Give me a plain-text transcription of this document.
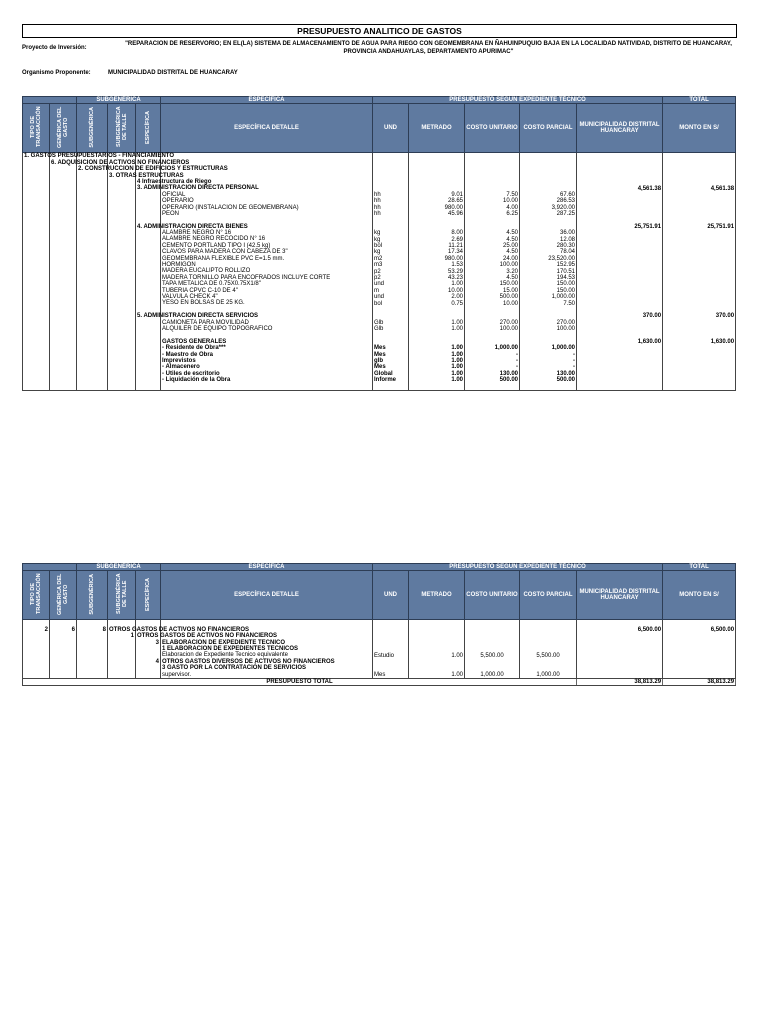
PRESUPUESTO ANALITICO DE GASTOS
Proyecto de Inversión:
"REPARACION DE RESERVORIO; EN EL(LA) SISTEMA DE ALMACENAMIENTO DE AGUA PARA RIEGO CON GEOMEMBRANA EN ÑAHUINPUQUIO BAJA EN LA LOCALIDAD NATIVIDAD, DISTRITO DE HUANCARAY, PROVINCIA ANDAHUAYLAS, DEPARTAMENTO APURIMAC"
Organismo Proponente:	MUNICIPALIDAD DISTRITAL DE HUANCARAY
		SUBGENÉRICA			ESPECÍFICA	PRESUPUESTO SEGÚN EXPEDIENTE TÉCNICO					TOTAL
TIPO DE TRANSACCIÓN	GENÉRICA DEL GASTO	SUBGENÉRICA	SUBGENÉRICA DE TALLE	ESPECÍFICA	ESPECÍFICA DETALLE	UND	METRADO	COSTO UNITARIO	COSTO PARCIAL	MUNICIPALIDAD DISTRITAL HUANCARAY	MONTO EN S/

1. GASTOS PRESUPUESTARIOS - FINANCIAMIENTO											

	6. ADQUISICION DE ACTIVOS NO FINANCIEROS										

		2. CONSTRUCCION DE EDIFICIOS Y ESTRUCTURAS									

			3. OTRAS ESTRUCTURAS								

				4 Infraestructura de Riego							

				3. ADMINISTRACION DIRECTA PERSONAL						4,561.38	4,561.38

					OFICIAL	hh	9.01	7.50	67.60		

					OPERARIO	hh	28.65	10.00	286.53		

					OPERARIO (INSTALACION DE GEOMEMBRANA)	hh	980.00	4.00	3,920.00		

					PEON	hh	45.96	6.25	287.25		

				4. ADMINISTRACION DIRECTA BIENES						25,751.91	25,751.91

					ALAMBRE NEGRO N° 16	kg	8.00	4.50	36.00		

					ALAMBRE NEGRO RECOCIDO N° 16	kg	2.69	4.50	12.08		

					CEMENTO PORTLAND TIPO I (42.5 kg)	bol	11.21	25.00	280.30		

					CLAVOS PARA MADERA CON CABEZA DE 3"	kg	17.34	4.50	78.04		

					GEOMEMBRANA FLEXIBLE PVC E=1.5 mm.	m2	980.00	24.00	23,520.00		

					HORMIGON	m3	1.53	100.00	152.95		

					MADERA EUCALIPTO ROLLIZO	p2	53.29	3.20	170.51		

					MADERA TORNILLO PARA ENCOFRADOS INCLUYE CORTE	p2	43.23	4.50	194.53		

					TAPA METALICA DE 0.75X0.75X1/8"	und	1.00	150.00	150.00		

					TUBERIA CPVC C-10 DE 4"	m	10.00	15.00	150.00		

					VALVULA CHECK 4"	und	2.00	500.00	1,000.00		

					YESO EN BOLSAS DE 25 KG.	bol	0.75	10.00	7.50		

				5. ADMINISTRACION DIRECTA SERVICIOS						370.00	370.00

					CAMIONETA PARA MOVILIDAD	Glb	1.00	270.00	270.00		

					ALQUILER DE EQUIPO TOPOGRAFICO	Glb	1.00	100.00	100.00		

					GASTOS GENERALES					1,630.00	1,630.00

					- Residente de Obra***	Mes	1.00	1,000.00	1,000.00		

					- Maestro de Obra	Mes	1.00	-	-		

					Imprevistos	glb	1.00	-	-		

					- Almacenero	Mes	1.00	-	-		

					- Utiles de escritorio	Global	1.00	130.00	130.00		

					- Liquidación de la Obra	Informe	1.00	500.00	500.00		

		SUBGENÉRICA			ESPECÍFICA	PRESUPUESTO SEGÚN EXPEDIENTE TÉCNICO					TOTAL
TIPO DE TRANSACCIÓN	GENÉRICA DEL GASTO	SUBGENÉRICA	SUBGENÉRICA DE TALLE	ESPECÍFICA	ESPECÍFICA DETALLE	UND	METRADO	COSTO UNITARIO	COSTO PARCIAL	MUNICIPALIDAD DISTRITAL HUANCARAY	MONTO EN S/

2	6	8	OTROS GASTOS DE ACTIVOS NO FINANCIEROS							6,500.00	6,500.00
			1	OTROS GASTOS DE ACTIVOS NO FINANCIEROS							

				3	ELABORACION DE EXPEDIENTE TECNICO						

					1 ELABORACION DE EXPEDIENTES TECNICOS						

					Elaboracion de Expediente Tecnico equivalente	Estudio	1.00	5,500.00	5,500.00		
				4	OTROS GASTOS DIVERSOS DE ACTIVOS NO FINANCIEROS						

					3 GASTO POR LA CONTRATACIÓN DE SERVICIOS						

					supervisor.	Mes	1.00	1,000.00	1,000.00		
PRESUPUESTO TOTAL										38,813.29	38,813.29
